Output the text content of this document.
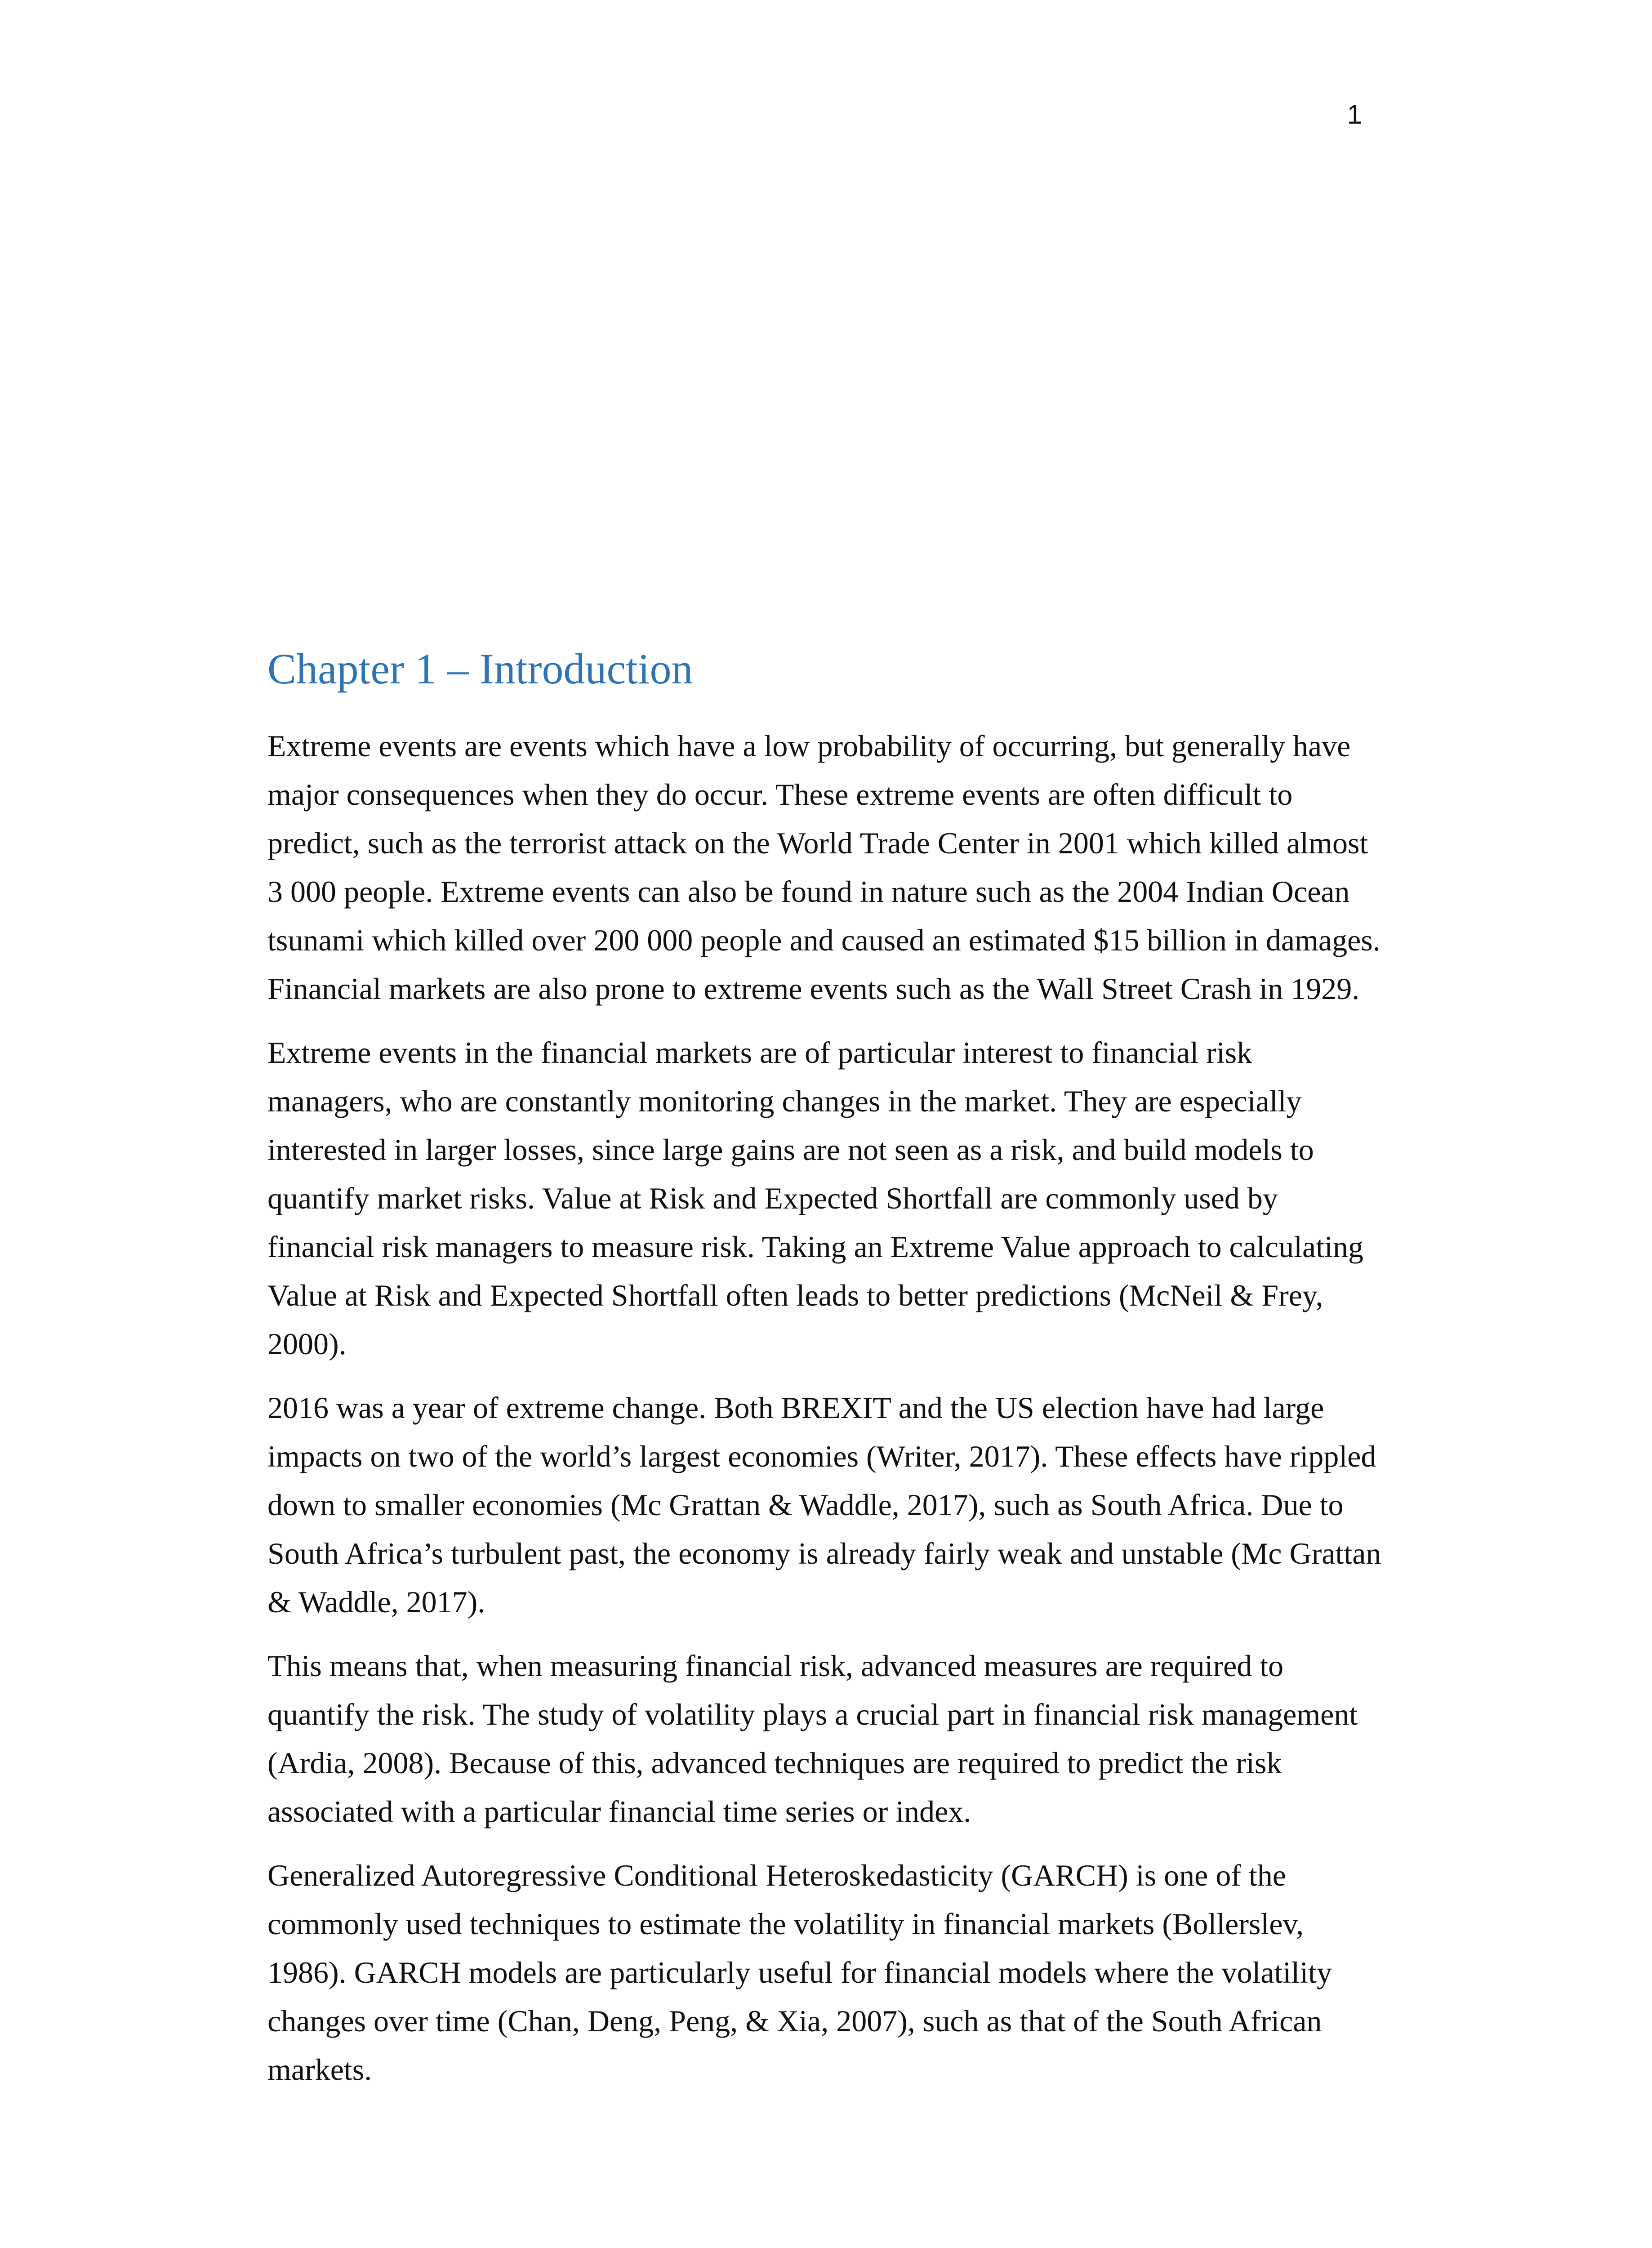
1
Chapter 1 – Introduction

Extreme events are events which have a low probability of occurring, but generally have major consequences when they do occur. These extreme events are often difficult to predict, such as the terrorist attack on the World Trade Center in 2001 which killed almost 3 000 people. Extreme events can also be found in nature such as the 2004 Indian Ocean tsunami which killed over 200 000 people and caused an estimated $15 billion in damages. Financial markets are also prone to extreme events such as the Wall Street Crash in 1929.

Extreme events in the financial markets are of particular interest to financial risk managers, who are constantly monitoring changes in the market. They are especially interested in larger losses, since large gains are not seen as a risk, and build models to quantify market risks. Value at Risk and Expected Shortfall are commonly used by financial risk managers to measure risk. Taking an Extreme Value approach to calculating Value at Risk and Expected Shortfall often leads to better predictions (McNeil & Frey, 2000).

2016 was a year of extreme change. Both BREXIT and the US election have had large impacts on two of the world’s largest economies (Writer, 2017). These effects have rippled down to smaller economies (Mc Grattan & Waddle, 2017), such as South Africa. Due to South Africa’s turbulent past, the economy is already fairly weak and unstable (Mc Grattan & Waddle, 2017).

This means that, when measuring financial risk, advanced measures are required to quantify the risk. The study of volatility plays a crucial part in financial risk management (Ardia, 2008). Because of this, advanced techniques are required to predict the risk associated with a particular financial time series or index.

Generalized Autoregressive Conditional Heteroskedasticity (GARCH) is one of the commonly used techniques to estimate the volatility in financial markets (Bollerslev, 1986). GARCH models are particularly useful for financial models where the volatility changes over time (Chan, Deng, Peng, & Xia, 2007), such as that of the South African markets.
